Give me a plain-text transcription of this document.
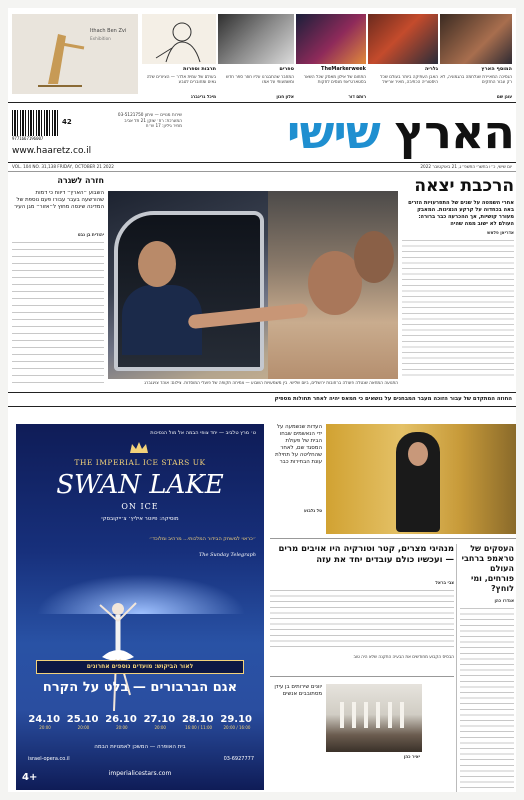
המוסף הארץ
הנסיכה המאיירת שנלחמה בהגמוניה, לא רק עבור החזקים
עוגן שם
גלריה
האבן העתיקה ביותר בעולם שכל היסטוריה הכתיבה, מאיר אריאל
TheMarkerweek
התחום של אילון מאסק שכל השאר בסטארט־אפ מנסים לחקות
רותם דור
ספרים
המחבר שהתבגרנו עליו חוזר ספר חדש ומשמעותי על אמו
אלון חנון
תרבות וספרות
בעולם של עמית אלדר — הציורים שלה גאים ומחוברים לטבע
מיכל גרינברג
Ithach Ben Zvi
Exhibition
הארץ שישי
9771667196007
42
שירות מנויים — עיתון 03-5121750
המערכת: רח׳ שוקן 21 תל אביב
מחיר גיליון: 17 ש״ח
www.haaretz.co.il
VOL. 104 NO. 31,138 FRIDAY, OCTOBER 21 2022	יום שישי, כ״ו בתשרי התשפ״ג, 21 באוקטובר 2022
הרכבת יצאה
אחרי השמטה על שנים של התפרעויות הזרים באה בכחדוה על קרקע הנציגות. המאבק מעורר קושיות, אך ההכרעה כבר ברורה: העולם לא ישוב ממה שהיה
אדריאן פלאש
התנועה המחאה שנטלה פעולה ברחובות ירושלים, ביום שלישי. בין משמעויות השבוע — צמיחה תקופה של פועלי המוסדות. צילום: אוהד צויגנברג
חזרה לשגרה
השבוע ״הארץ״ דיווח כי דמות שהורשעה בעבר עבורו פעם נוספת של המדינה שינסה מחוץ ל״אזור״ מגן העיר
יהודית בן נבט
החוזה המתקדם של עבור הזוכה מעבר המבחנים על נושאים כי חמאס יהיה לאחר תחולות מספיק
ט׳ מרץ טלביב — יחד צופי הבמה אל מול הנסיכות
THE IMPERIAL ICE STARS UK
SWAN LAKE
ON ICE
מוסיקה: פיוטר איליץ׳ צ׳ייקובסקי
״כראוי למשחק הבידור המלכותי... מרהיב ומלוכד״
The Sunday Telegraph
לאור הביקוש: מועדים נוספים אחרונים
אגם הברבורים — בלט על הקרח
29.10
16:00 / 20:00
28.10
11:00 / 16:00
27.10
20:00
26.10
20:00
25.10
20:00
24.10
20:00
בית האופרה — המשכן לאמנויות הבמה
israel-opera.co.il	03-6927777
imperialicestars.com
4+
העדות שנשמעה על ידי הנאשמים שבחו הבית של פעולת המסגד שם, לאחר שהחליטה על תחילת עונת הבחירות כבר
טל גלבוע
מנהיגי מצרים, קטר וטורקיה היו אויבים מרים — ועכשיו כולם עובדים יחד את עזה
צבי בראל
הבסיס הקבוע מחודשים את הבעיה התקנה שלא היה טוב
העסקים של טראמפ ברחבי העולם פורחים, ומי לוחץ?
אנדרו כהן
יוונים שירותים בן עידן מסתובבים אנשים
יאיר כהן
